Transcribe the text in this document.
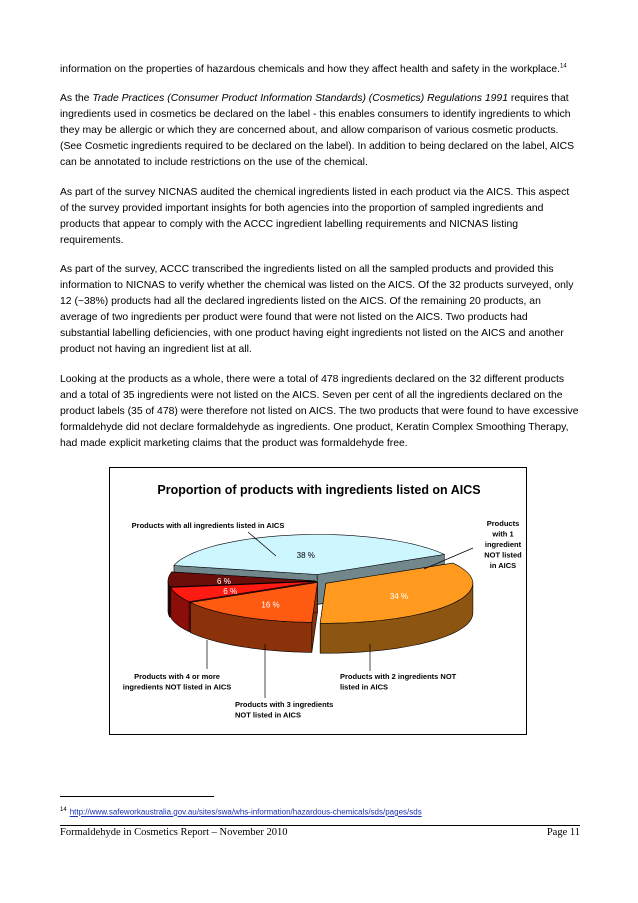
information on the properties of hazardous chemicals and how they affect health and safety in the workplace.$^{14}$

As the Trade Practices (Consumer Product Information Standards) (Cosmetics) Regulations 1991 requires that ingredients used in cosmetics be declared on the label - this enables consumers to identify ingredients to which they may be allergic or which they are concerned about, and allow comparison of various cosmetic products. (See Cosmetic ingredients required to be declared on the label). In addition to being declared on the label, AICS can be annotated to include restrictions on the use of the chemical.

As part of the survey NICNAS audited the chemical ingredients listed in each product via the AICS. This aspect of the survey provided important insights for both agencies into the proportion of sampled ingredients and products that appear to comply with the ACCC ingredient labelling requirements and NICNAS listing requirements.

As part of the survey, ACCC transcribed the ingredients listed on all the sampled products and provided this information to NICNAS to verify whether the chemical was listed on the AICS. Of the 32 products surveyed, only 12 (~38%) products had all the declared ingredients listed on the AICS. Of the remaining 20 products, an average of two ingredients per product were found that were not listed on the AICS. Two products had substantial labelling deficiencies, with one product having eight ingredients not listed on the AICS and another product not having an ingredient list at all.

Looking at the products as a whole, there were a total of 478 ingredients declared on the 32 different products and a total of 35 ingredients were not listed on the AICS. Seven per cent of all the ingredients declared on the product labels (35 of 478) were therefore not listed on AICS. The two products that were found to have excessive formaldehyde did not declare formaldehyde as ingredients. One product, Keratin Complex Smoothing Therapy, had made explicit marketing claims that the product was formaldehyde free.

Proportion of products with ingredients listed on AICS
38 %
34 %
16 %
6 %
6 %
Products with all ingredients listed in AICS	Products
with 1
ingredient
NOT listed
in AICS
Products with 2 ingredients NOT
listed in AICS
Products with 3 ingredients
NOT listed in AICS
Products with 4 or more
ingredients NOT listed in AICS
$^{14}$ http://www.safeworkaustralia.gov.au/sites/swa/whs-information/hazardous-chemicals/sds/pages/sds
Formaldehyde in Cosmetics Report – November 2010	Page 11
